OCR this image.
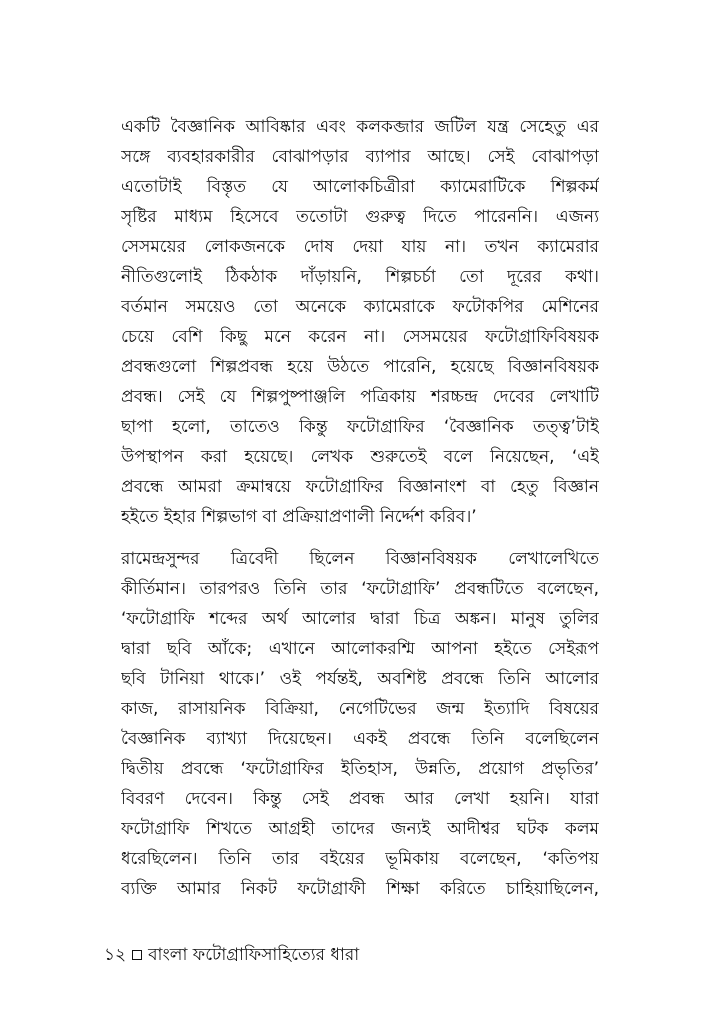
একটি বৈজ্ঞানিক আবিষ্কার এবং কলকব্জার জটিল যন্ত্র সেহেতু এর
সঙ্গে ব্যবহারকারীর বোঝাপড়ার ব্যাপার আছে। সেই বোঝাপড়া
এতোটাই বিস্তৃত যে আলোকচিত্রীরা ক্যামেরাটিকে শিল্পকর্ম
সৃষ্টির মাধ্যম হিসেবে ততোটা গুরুত্ব দিতে পারেননি। এজন্য
সেসময়ের লোকজনকে দোষ দেয়া যায় না। তখন ক্যামেরার
নীতিগুলোই ঠিকঠাক দাঁড়ায়নি, শিল্পচর্চা তো দূরের কথা।
বর্তমান সময়েও তো অনেকে ক্যামেরাকে ফটোকপির মেশিনের
চেয়ে বেশি কিছু মনে করেন না। সেসময়ের ফটোগ্রাফিবিষয়ক
প্রবন্ধগুলো শিল্পপ্রবন্ধ হয়ে উঠতে পারেনি, হয়েছে বিজ্ঞানবিষয়ক
প্রবন্ধ। সেই যে শিল্পপুষ্পাঞ্জলি পত্রিকায় শরচ্চন্দ্র দেবের লেখাটি
ছাপা হলো, তাতেও কিন্তু ফটোগ্রাফির ‘বৈজ্ঞানিক তত্ত্ব’টাই
উপস্থাপন করা হয়েছে। লেখক শুরুতেই বলে নিয়েছেন, ‘এই
প্রবন্ধে আমরা ক্রমান্বয়ে ফটোগ্রাফির বিজ্ঞানাংশ বা হেতু বিজ্ঞান
হইতে ইহার শিল্পভাগ বা প্রক্রিয়াপ্রণালী নির্দ্দেশ করিব।’
রামেন্দ্রসুন্দর ত্রিবেদী ছিলেন বিজ্ঞানবিষয়ক লেখালেখিতে
কীর্তিমান। তারপরও তিনি তার ‘ফটোগ্রাফি’ প্রবন্ধটিতে বলেছেন,
‘ফটোগ্রাফি শব্দের অর্থ আলোর দ্বারা চিত্র অঙ্কন। মানুষ তুলির
দ্বারা ছবি আঁকে; এখানে আলোকরশ্মি আপনা হইতে সেইরূপ
ছবি টানিয়া থাকে।’ ওই পর্যন্তই, অবশিষ্ট প্রবন্ধে তিনি আলোর
কাজ, রাসায়নিক বিক্রিয়া, নেগেটিভের জন্ম ইত্যাদি বিষয়ের
বৈজ্ঞানিক ব্যাখ্যা দিয়েছেন। একই প্রবন্ধে তিনি বলেছিলেন
দ্বিতীয় প্রবন্ধে ‘ফটোগ্রাফির ইতিহাস, উন্নতি, প্রয়োগ প্রভৃতির’
বিবরণ দেবেন। কিন্তু সেই প্রবন্ধ আর লেখা হয়নি। যারা
ফটোগ্রাফি শিখতে আগ্রহী তাদের জন্যই আদীশ্বর ঘটক কলম
ধরেছিলেন। তিনি তার বইয়ের ভূমিকায় বলেছেন, ‘কতিপয়
ব্যক্তি আমার নিকট ফটোগ্রাফী শিক্ষা করিতে চাহিয়াছিলেন,
১২ বাংলা ফটোগ্রাফিসাহিত্যের ধারা
